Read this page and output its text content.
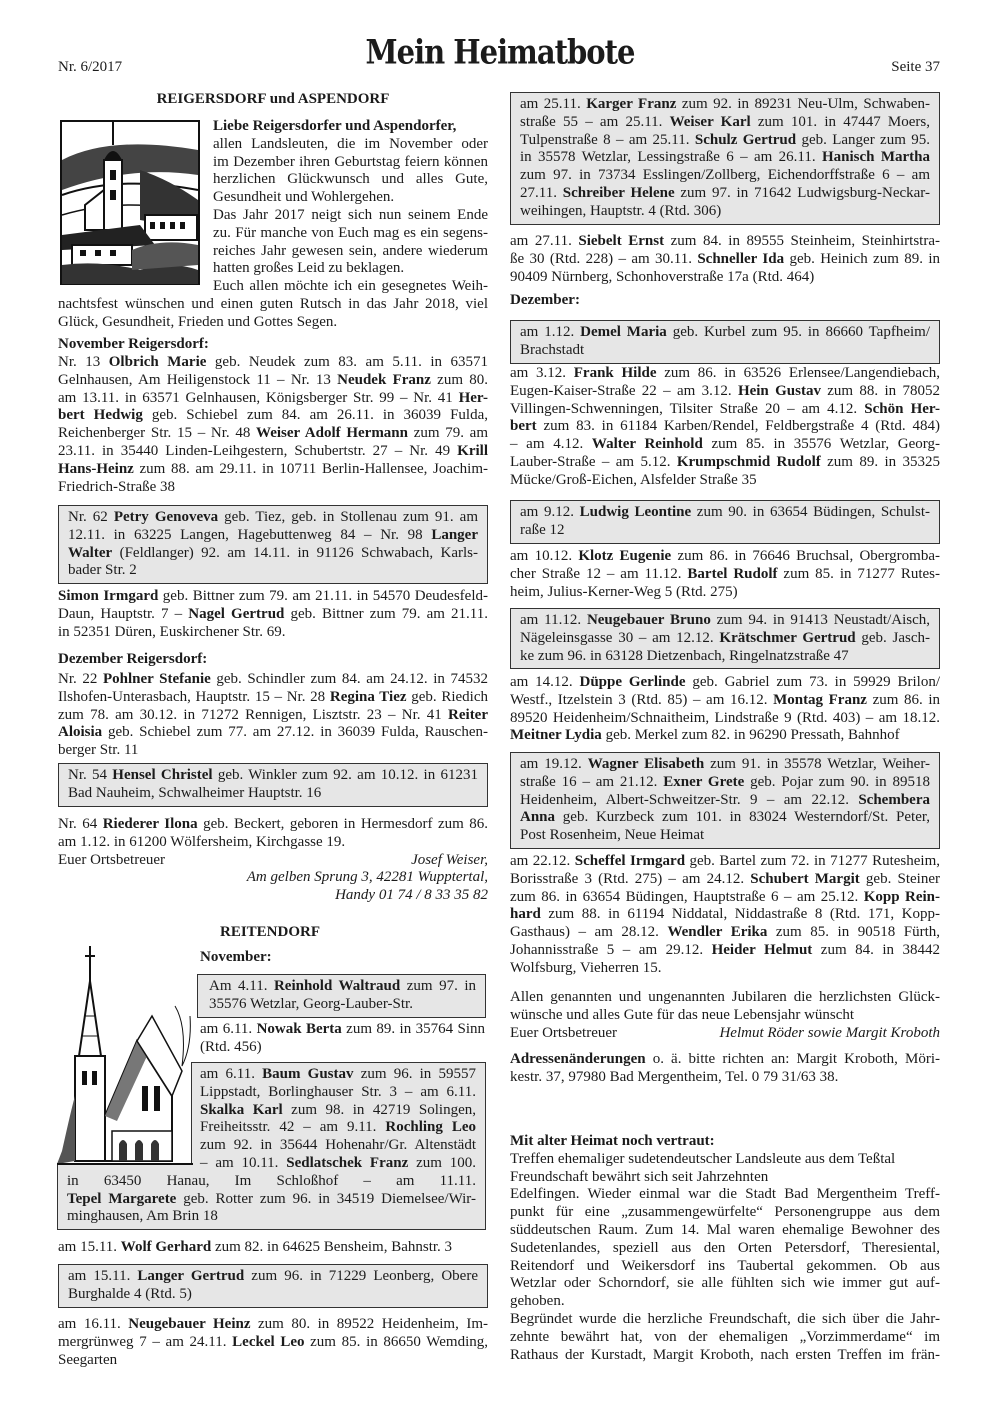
Nr. 6/2017	Mein Heimatbote	Seite 37
REIGERSDORF und ASPENDORF
Liebe Reigersdorfer und Aspendorfer,
allen Landsleuten, die im November oder
im Dezember ihren Geburtstag feiern können
herzlichen Glückwunsch und alles Gute,
Gesundheit und Wohlergehen.
Das Jahr 2017 neigt sich nun seinem Ende
zu. Für manche von Euch mag es ein segens-
reiches Jahr gewesen sein, andere wiederum
hatten großes Leid zu beklagen.
Euch allen möchte ich ein gesegnetes Weih-
nachtsfest wünschen und einen guten Rutsch in das Jahr 2018, viel
Glück, Gesundheit, Frieden und Gottes Segen.
November Reigersdorf:
Nr. 13 Olbrich Marie geb. Neudek zum 83. am 5.11. in 63571
Gelnhausen, Am Heiligenstock 11 – Nr. 13 Neudek Franz zum 80.
am 13.11. in 63571 Gelnhausen, Königsberger Str. 99 – Nr. 41 Her-
bert Hedwig geb. Schiebel zum 84. am 26.11. in 36039 Fulda,
Reichenberger Str. 15 – Nr. 48 Weiser Adolf Hermann zum 79. am
23.11. in 35440 Linden-Leihgestern, Schubertstr. 27 – Nr. 49 Krill
Hans-Heinz zum 88. am 29.11. in 10711 Berlin-Hallensee, Joachim-
Friedrich-Straße 38
Nr. 62 Petry Genoveva geb. Tiez, geb. in Stollenau zum 91. am
12.11. in 63225 Langen, Hagebuttenweg 84 – Nr. 98 Langer
Walter (Feldlanger) 92. am 14.11. in 91126 Schwabach, Karls-
bader Str. 2
Simon Irmgard geb. Bittner zum 79. am 21.11. in 54570 Deudesfeld-
Daun, Hauptstr. 7 – Nagel Gertrud geb. Bittner zum 79. am 21.11.
in 52351 Düren, Euskirchener Str. 69.
Dezember Reigersdorf:
Nr. 22 Pohlner Stefanie geb. Schindler zum 84. am 24.12. in 74532
Ilshofen-Unterasbach, Hauptstr. 15 – Nr. 28 Regina Tiez geb. Riedich
zum 78. am 30.12. in 71272 Rennigen, Lisztstr. 23 – Nr. 41 Reiter
Aloisia geb. Schiebel zum 77. am 27.12. in 36039 Fulda, Rauschen-
berger Str. 11
Nr. 54 Hensel Christel geb. Winkler zum 92. am 10.12. in 61231
Bad Nauheim, Schwalheimer Hauptstr. 16
Nr. 64 Riederer Ilona geb. Beckert, geboren in Hermesdorf zum 86.
am 1.12. in 61200 Wölfersheim, Kirchgasse 19.
Euer Ortsbetreuer	Josef Weiser,
Am gelben Sprung 3, 42281 Wupptertal,
Handy 01 74 / 8 33 35 82
REITENDORF
November:
Am 4.11. Reinhold Waltraud zum 97. in
35576 Wetzlar, Georg-Lauber-Str.
am 6.11. Nowak Berta zum 89. in 35764 Sinn
(Rtd. 456)
am 6.11. Baum Gustav zum 96. in 59557
Lippstadt, Borlinghauser Str. 3 – am 6.11.
Skalka Karl zum 98. in 42719 Solingen,
Freiheitsstr. 42 – am 9.11. Rochling Leo
zum 92. in 35644 Hohenahr/Gr. Altenstädt
– am 10.11. Sedlatschek Franz zum 100.
in 63450 Hanau, Im Schloßhof – am 11.11.
Tepel Margarete geb. Rotter zum 96. in 34519 Diemelsee/Wir-
minghausen, Am Brin 18
am 15.11. Wolf Gerhard zum 82. in 64625 Bensheim, Bahnstr. 3
am 15.11. Langer Gertrud zum 96. in 71229 Leonberg, Obere
Burghalde 4 (Rtd. 5)
am 16.11. Neugebauer Heinz zum 80. in 89522 Heidenheim, Im-
mergrünweg 7 – am 24.11. Leckel Leo zum 85. in 86650 Wemding,
Seegarten
am 25.11. Karger Franz zum 92. in 89231 Neu-Ulm, Schwaben-
straße 55 – am 25.11. Weiser Karl zum 101. in 47447 Moers,
Tulpenstraße 8 – am 25.11. Schulz Gertrud geb. Langer zum 95.
in 35578 Wetzlar, Lessingstraße 6 – am 26.11. Hanisch Martha
zum 97. in 73734 Esslingen/Zollberg, Eichendorffstraße 6 – am
27.11. Schreiber Helene zum 97. in 71642 Ludwigsburg-Neckar-
weihingen, Hauptstr. 4 (Rtd. 306)
am 27.11. Siebelt Ernst zum 84. in 89555 Steinheim, Steinhirtstra-
ße 30 (Rtd. 228) – am 30.11. Schneller Ida geb. Heinich zum 89. in
90409 Nürnberg, Schonhoverstraße 17a (Rtd. 464)
Dezember:
am 1.12. Demel Maria geb. Kurbel zum 95. in 86660 Tapfheim/
Brachstadt
am 3.12. Frank Hilde zum 86. in 63526 Erlensee/Langendiebach,
Eugen-Kaiser-Straße 22 – am 3.12. Hein Gustav zum 88. in 78052
Villingen-Schwenningen, Tilsiter Straße 20 – am 4.12. Schön Her-
bert zum 83. in 61184 Karben/Rendel, Feldbergstraße 4 (Rtd. 484)
– am 4.12. Walter Reinhold zum 85. in 35576 Wetzlar, Georg-
Lauber-Straße – am 5.12. Krumpschmid Rudolf zum 89. in 35325
Mücke/Groß-Eichen, Alsfelder Straße 35
am 9.12. Ludwig Leontine zum 90. in 63654 Büdingen, Schulst-
raße 12
am 10.12. Klotz Eugenie zum 86. in 76646 Bruchsal, Obergromba-
cher Straße 12 – am 11.12. Bartel Rudolf zum 85. in 71277 Rutes-
heim, Julius-Kerner-Weg 5 (Rtd. 275)
am 11.12. Neugebauer Bruno zum 94. in 91413 Neustadt/Aisch,
Nägeleinsgasse 30 – am 12.12. Krätschmer Gertrud geb. Jasch-
ke zum 96. in 63128 Dietzenbach, Ringelnatzstraße 47
am 14.12. Düppe Gerlinde geb. Gabriel zum 73. in 59929 Brilon/
Westf., Itzelstein 3 (Rtd. 85) – am 16.12. Montag Franz zum 86. in
89520 Heidenheim/Schnaitheim, Lindstraße 9 (Rtd. 403) – am 18.12.
Meitner Lydia geb. Merkel zum 82. in 96290 Pressath, Bahnhof
am 19.12. Wagner Elisabeth zum 91. in 35578 Wetzlar, Weiher-
straße 16 – am 21.12. Exner Grete geb. Pojar zum 90. in 89518
Heidenheim, Albert-Schweitzer-Str. 9 – am 22.12. Schembera
Anna geb. Kurzbeck zum 101. in 83024 Westerndorf/St. Peter,
Post Rosenheim, Neue Heimat
am 22.12. Scheffel Irmgard geb. Bartel zum 72. in 71277 Rutesheim,
Borisstraße 3 (Rtd. 275) – am 24.12. Schubert Margit geb. Steiner
zum 86. in 63654 Büdingen, Hauptstraße 6 – am 25.12. Kopp Rein-
hard zum 88. in 61194 Niddatal, Niddastraße 8 (Rtd. 171, Kopp-
Gasthaus) – am 28.12. Wendler Erika zum 85. in 90518 Fürth,
Johannisstraße 5 – am 29.12. Heider Helmut zum 84. in 38442
Wolfsburg, Vieherren 15.
Allen genannten und ungenannten Jubilaren die herzlichsten Glück-
wünsche und alles Gute für das neue Lebensjahr wünscht
Euer Ortsbetreuer	Helmut Röder sowie Margit Kroboth
Adressenänderungen o. ä. bitte richten an: Margit Kroboth, Möri-
kestr. 37, 97980 Bad Mergentheim, Tel. 0 79 31/63 38.
Mit alter Heimat noch vertraut:
Treffen ehemaliger sudetendeutscher Landsleute aus dem Teßtal
Freundschaft bewährt sich seit Jahrzehnten
Edelfingen. Wieder einmal war die Stadt Bad Mergentheim Treff-
punkt für eine „zusammengewürfelte“ Personengruppe aus dem
süddeutschen Raum. Zum 14. Mal waren ehemalige Bewohner des
Sudetenlandes, speziell aus den Orten Petersdorf, Theresiental,
Reitendorf und Weikersdorf ins Taubertal gekommen. Ob aus
Wetzlar oder Schorndorf, sie alle fühlten sich wie immer gut auf-
gehoben.
Begründet wurde die herzliche Freundschaft, die sich über die Jahr-
zehnte bewährt hat, von der ehemaligen „Vorzimmerdame“ im
Rathaus der Kurstadt, Margit Kroboth, nach ersten Treffen im frän-
